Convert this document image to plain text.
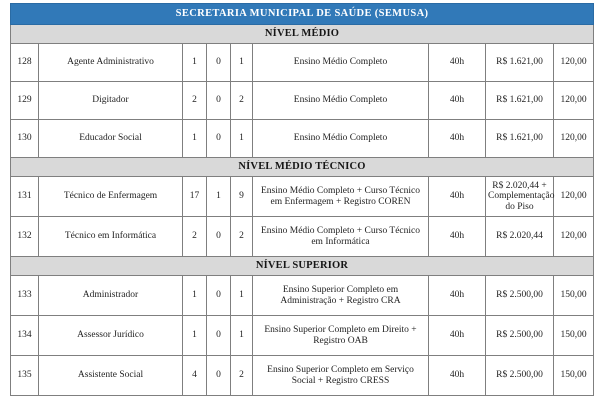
SECRETARIA MUNICIPAL DE SAÚDE (SEMUSA)								
NÍVEL MÉDIO								
128	Agente Administrativo	1	0	1	Ensino Médio Completo	40h	R$ 1.621,00	120,00
129	Digitador	2	0	2	Ensino Médio Completo	40h	R$ 1.621,00	120,00
130	Educador Social	1	0	1	Ensino Médio Completo	40h	R$ 1.621,00	120,00
NÍVEL MÉDIO TÉCNICO								
131	Técnico de Enfermagem	17	1	9	Ensino Médio Completo + Curso Técnico em Enfermagem + Registro COREN	40h	R$ 2.020,44 + Complementação do Piso	120,00
132	Técnico em Informática	2	0	2	Ensino Médio Completo + Curso Técnico em Informática	40h	R$ 2.020,44	120,00
NÍVEL SUPERIOR								
133	Administrador	1	0	1	Ensino Superior Completo em Administração + Registro CRA	40h	R$ 2.500,00	150,00
134	Assessor Jurídico	1	0	1	Ensino Superior Completo em Direito + Registro OAB	40h	R$ 2.500,00	150,00
135	Assistente Social	4	0	2	Ensino Superior Completo em Serviço Social + Registro CRESS	40h	R$ 2.500,00	150,00
